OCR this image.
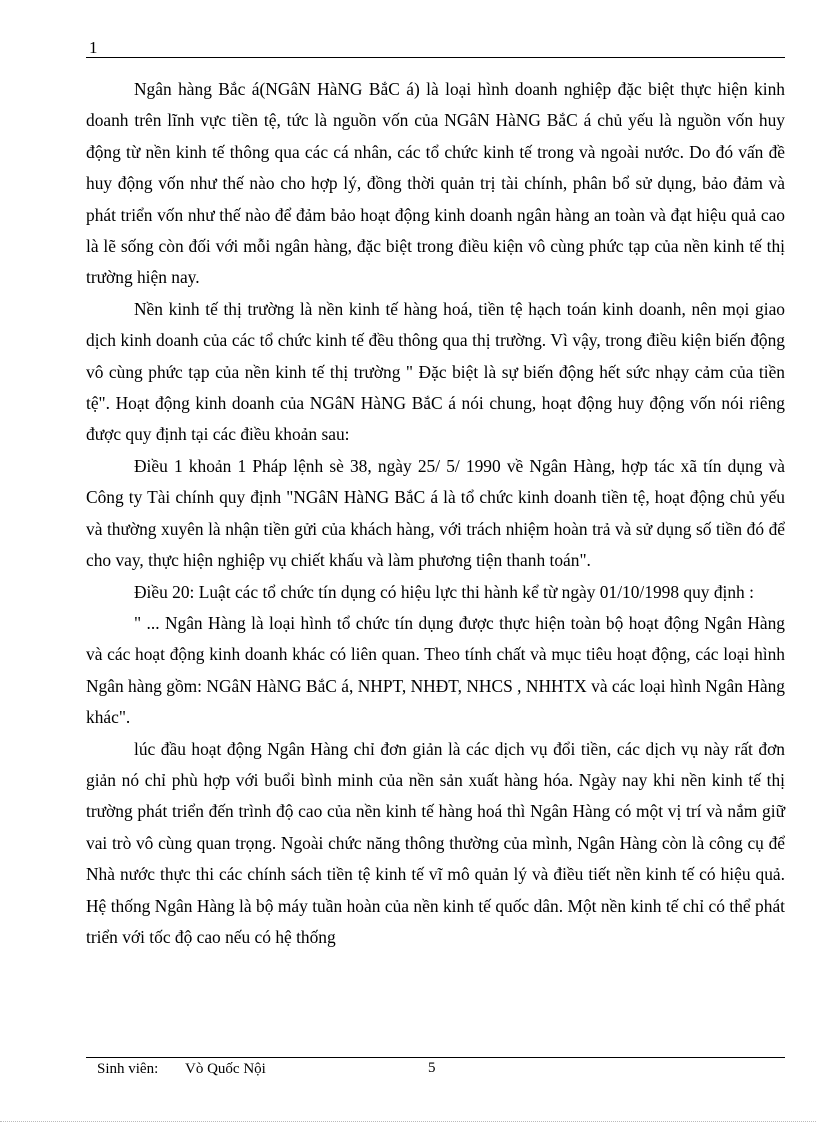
1

Ngân hàng Bắc á(NGâN HàNG BắC á) là loại hình doanh nghiệp đặc biệt thực hiện kinh doanh trên lĩnh vực tiền tệ, tức là nguồn vốn của NGâN HàNG BắC á chủ yếu là nguồn vốn huy động từ nền kinh tế thông qua các cá nhân, các tổ chức kinh tế trong và ngoài nước. Do đó vấn đề huy động vốn như thế nào cho hợp lý, đồng thời quản trị tài chính, phân bổ sử dụng, bảo đảm và phát triển vốn như thế nào để đảm bảo hoạt động kinh doanh ngân hàng an toàn và đạt hiệu quả cao là lẽ sống còn đối với mỗi ngân hàng, đặc biệt trong điều kiện vô cùng phức tạp của nền kinh tế thị trường hiện nay.

Nền kinh tế thị trường là nền kinh tế hàng hoá, tiền tệ hạch toán kinh doanh, nên mọi giao dịch kinh doanh của các tổ chức kinh tế đều thông qua thị trường. Vì vậy, trong điều kiện biến động vô cùng phức tạp của nền kinh tế thị trường " Đặc biệt là sự biến động hết sức nhạy cảm của tiền tệ". Hoạt động kinh doanh của NGâN HàNG BắC á nói chung, hoạt động huy động vốn nói riêng được quy định tại các điều khoản sau:

Điều 1 khoản 1 Pháp lệnh sè 38, ngày 25/ 5/ 1990 về Ngân Hàng, hợp tác xã tín dụng và Công ty Tài chính quy định "NGâN HàNG BắC á là tổ chức kinh doanh tiền tệ, hoạt động chủ yếu và thường xuyên là nhận tiền gửi của khách hàng, với trách nhiệm hoàn trả và sử dụng số tiền đó để cho vay, thực hiện nghiệp vụ chiết khấu và làm phương tiện thanh toán".

Điều 20: Luật các tổ chức tín dụng có hiệu lực thi hành kể từ ngày 01/10/1998 quy định :

" ... Ngân Hàng là loại hình tổ chức tín dụng được thực hiện toàn bộ hoạt động Ngân Hàng và các hoạt động kinh doanh khác có liên quan. Theo tính chất và mục tiêu hoạt động, các loại hình Ngân hàng gồm: NGâN HàNG BắC á, NHPT, NHĐT, NHCS , NHHTX và các loại hình Ngân Hàng khác".

lúc đầu hoạt động Ngân Hàng chỉ đơn giản là các dịch vụ đổi tiền, các dịch vụ này rất đơn giản nó chỉ phù hợp với buổi bình minh của nền sản xuất hàng hóa. Ngày nay khi nền kinh tế thị trường phát triển đến trình độ cao của nền kinh tế hàng hoá thì Ngân Hàng có một vị trí và nắm giữ vai trò vô cùng quan trọng. Ngoài chức năng thông thường của mình, Ngân Hàng còn là công cụ để Nhà nước thực thi các chính sách tiền tệ kinh tế vĩ mô quản lý và điều tiết nền kinh tế có hiệu quả. Hệ thống Ngân Hàng là bộ máy tuần hoàn của nền kinh tế quốc dân. Một nền kinh tế chỉ có thể phát triển với tốc độ cao nếu có hệ thống

Sinh viên: Vò Quốc Nội	5
